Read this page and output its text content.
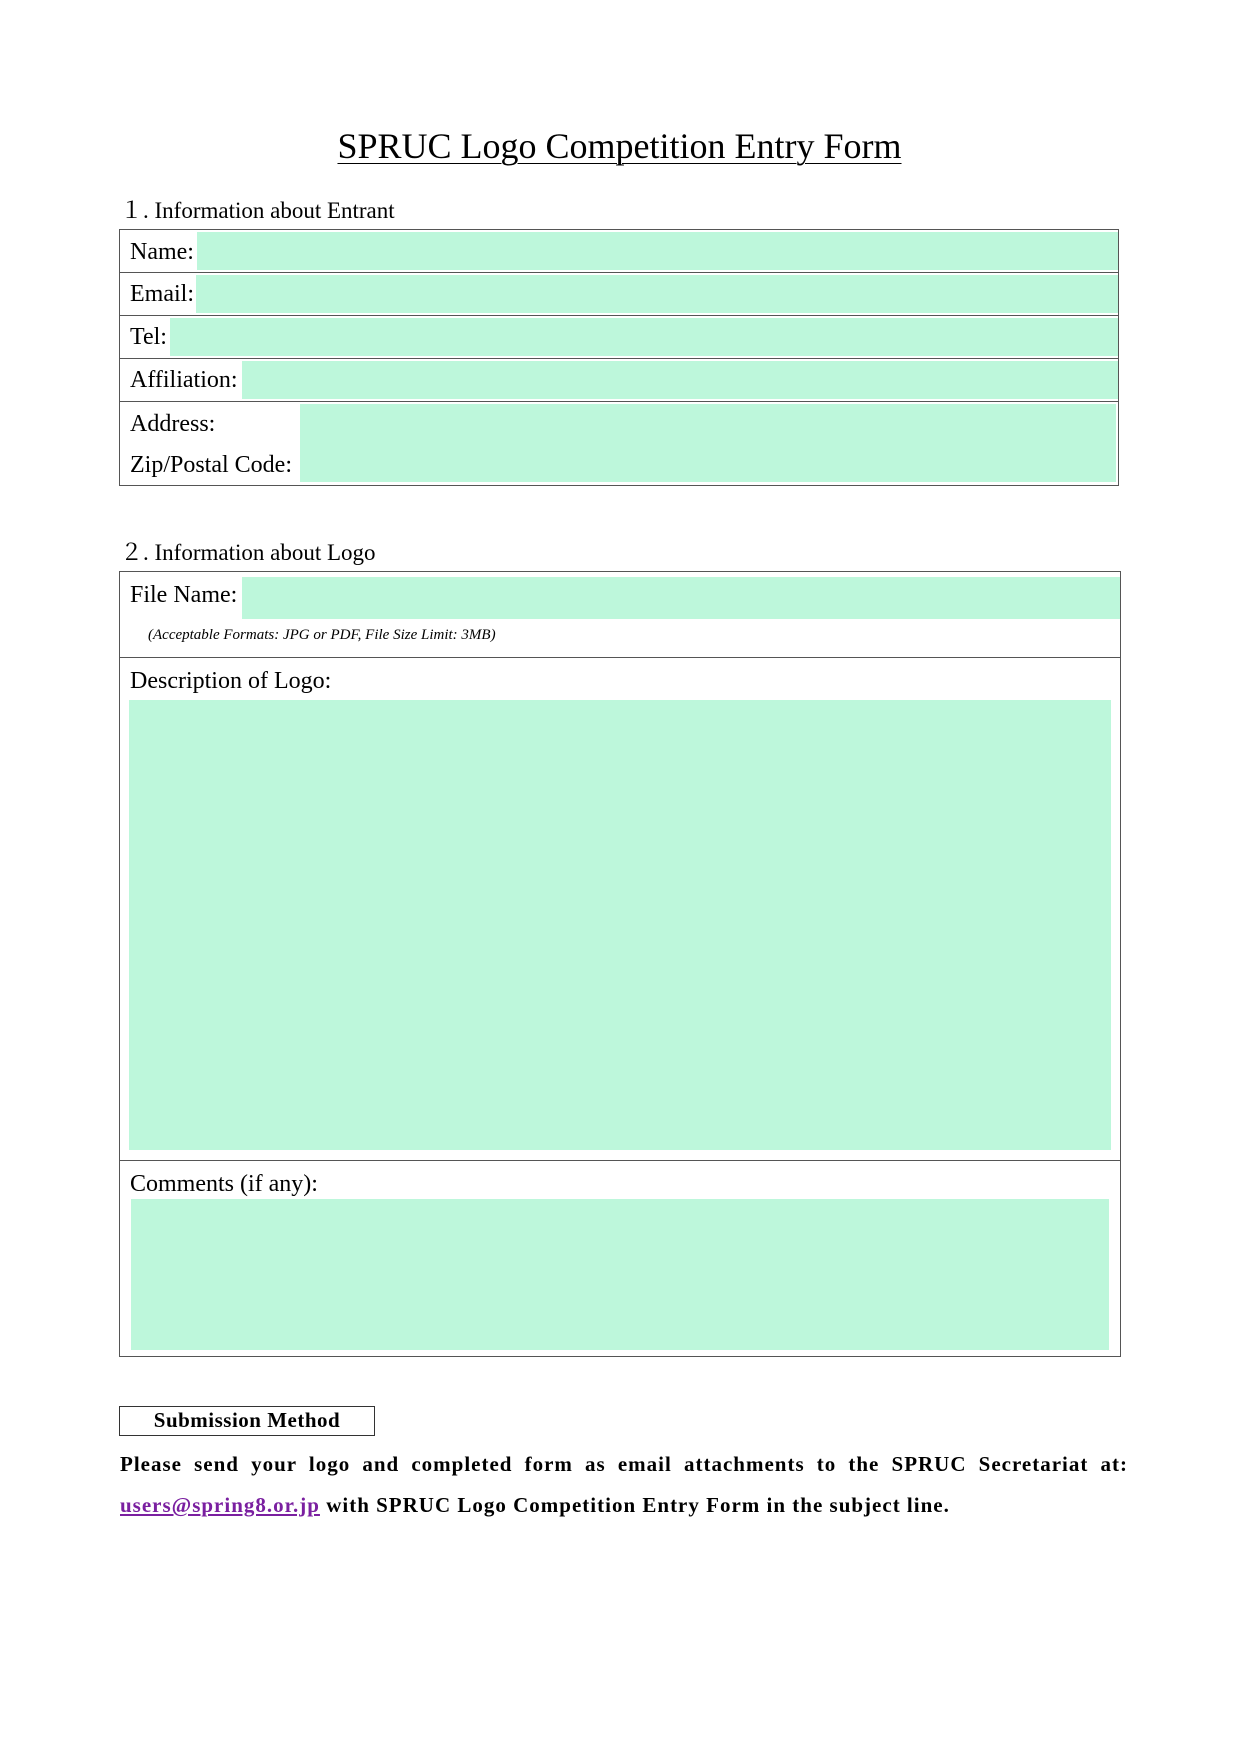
SPRUC Logo Competition Entry Form
１. Information about Entrant
Name:
Email:
Tel:
Affiliation:
Address:
Zip/Postal Code:
２. Information about Logo
File Name:
(Acceptable Formats: JPG or PDF, File Size Limit: 3MB)
Description of Logo:
Comments (if any):
Submission Method
Please send your logo and completed form as email attachments to the SPRUC Secretariat at:
users@spring8.or.jp with SPRUC Logo Competition Entry Form in the subject line.
